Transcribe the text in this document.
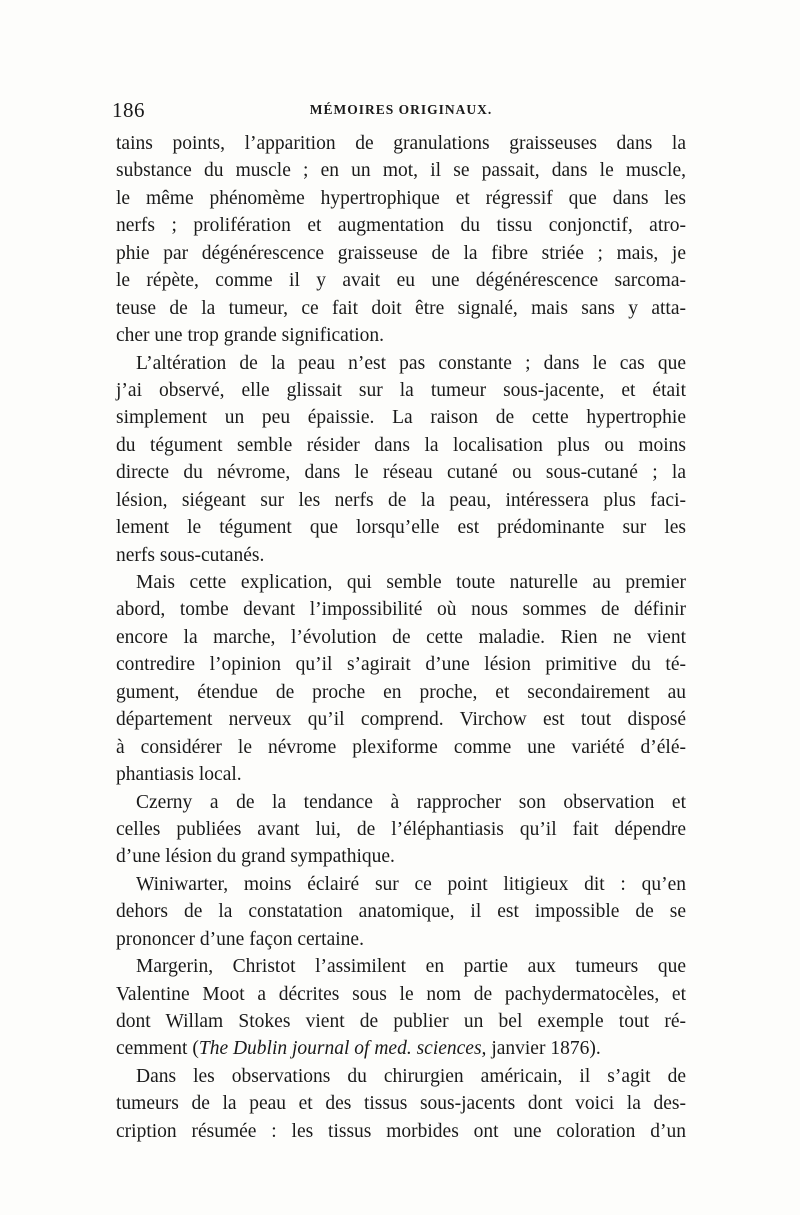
186	MÉMOIRES ORIGINAUX.
tains points, l’apparition de granulations graisseuses dans la
substance du muscle ; en un mot, il se passait, dans le muscle,
le même phénomème hypertrophique et régressif que dans les
nerfs ; prolifération et augmentation du tissu conjonctif, atro-
phie par dégénérescence graisseuse de la fibre striée ; mais, je
le répète, comme il y avait eu une dégénérescence sarcoma-
teuse de la tumeur, ce fait doit être signalé, mais sans y atta-
cher une trop grande signification.
L’altération de la peau n’est pas constante ; dans le cas que
j’ai observé, elle glissait sur la tumeur sous-jacente, et était
simplement un peu épaissie. La raison de cette hypertrophie
du tégument semble résider dans la localisation plus ou moins
directe du névrome, dans le réseau cutané ou sous-cutané ; la
lésion, siégeant sur les nerfs de la peau, intéressera plus faci-
lement le tégument que lorsqu’elle est prédominante sur les
nerfs sous-cutanés.
Mais cette explication, qui semble toute naturelle au premier
abord, tombe devant l’impossibilité où nous sommes de définir
encore la marche, l’évolution de cette maladie. Rien ne vient
contredire l’opinion qu’il s’agirait d’une lésion primitive du té-
gument, étendue de proche en proche, et secondairement au
département nerveux qu’il comprend. Virchow est tout disposé
à considérer le névrome plexiforme comme une variété d’élé-
phantiasis local.
Czerny a de la tendance à rapprocher son observation et
celles publiées avant lui, de l’éléphantiasis qu’il fait dépendre
d’une lésion du grand sympathique.
Winiwarter, moins éclairé sur ce point litigieux dit : qu’en
dehors de la constatation anatomique, il est impossible de se
prononcer d’une façon certaine.
Margerin, Christot l’assimilent en partie aux tumeurs que
Valentine Moot a décrites sous le nom de pachydermatocèles, et
dont Willam Stokes vient de publier un bel exemple tout ré-
cemment (The Dublin journal of med. sciences, janvier 1876).
Dans les observations du chirurgien américain, il s’agit de
tumeurs de la peau et des tissus sous-jacents dont voici la des-
cription résumée : les tissus morbides ont une coloration d’un
